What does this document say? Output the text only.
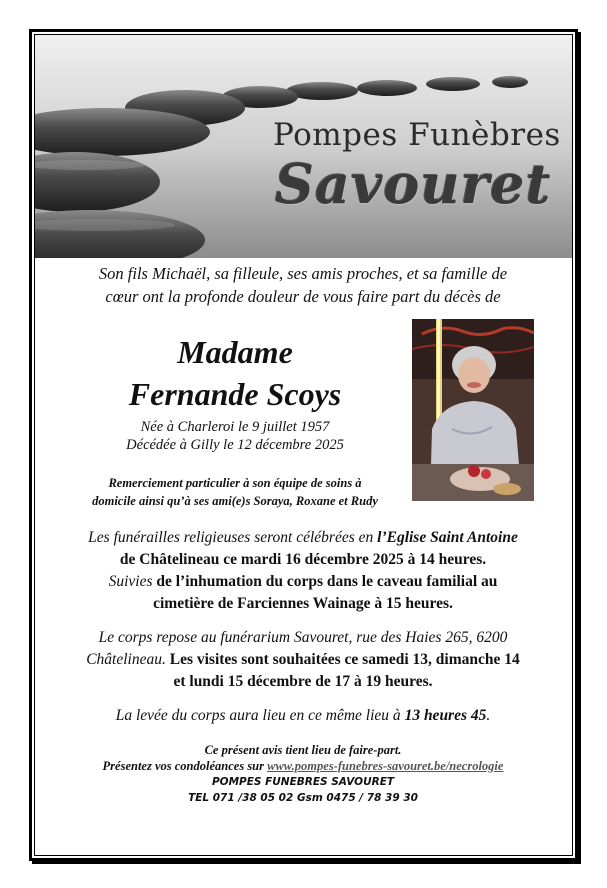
Pompes Funèbres
Savouret
Son fils Michaël, sa filleule, ses amis proches, et sa famille de
cœur ont la profonde douleur de vous faire part du décès de
Madame
Fernande Scoys
Née à Charleroi le 9 juillet 1957
Décédée à Gilly le 12 décembre 2025
Remerciement particulier à son équipe de soins à
domicile ainsi qu’à ses ami(e)s Soraya, Roxane et Rudy
Les funérailles religieuses seront célébrées en l’Eglise Saint Antoine
de Châtelineau ce mardi 16 décembre 2025 à 14 heures.
Suivies de l’inhumation du corps dans le caveau familial au
cimetière de Farciennes Wainage à 15 heures.
Le corps repose au funérarium Savouret, rue des Haies 265, 6200
Châtelineau. Les visites sont souhaitées ce samedi 13, dimanche 14
et lundi 15 décembre de 17 à 19 heures.
La levée du corps aura lieu en ce même lieu à 13 heures 45.
Ce présent avis tient lieu de faire-part.
Présentez vos condoléances sur www.pompes-funebres-savouret.be/necrologie
POMPES FUNEBRES SAVOURET
TEL 071 /38 05 02 Gsm 0475 / 78 39 30
